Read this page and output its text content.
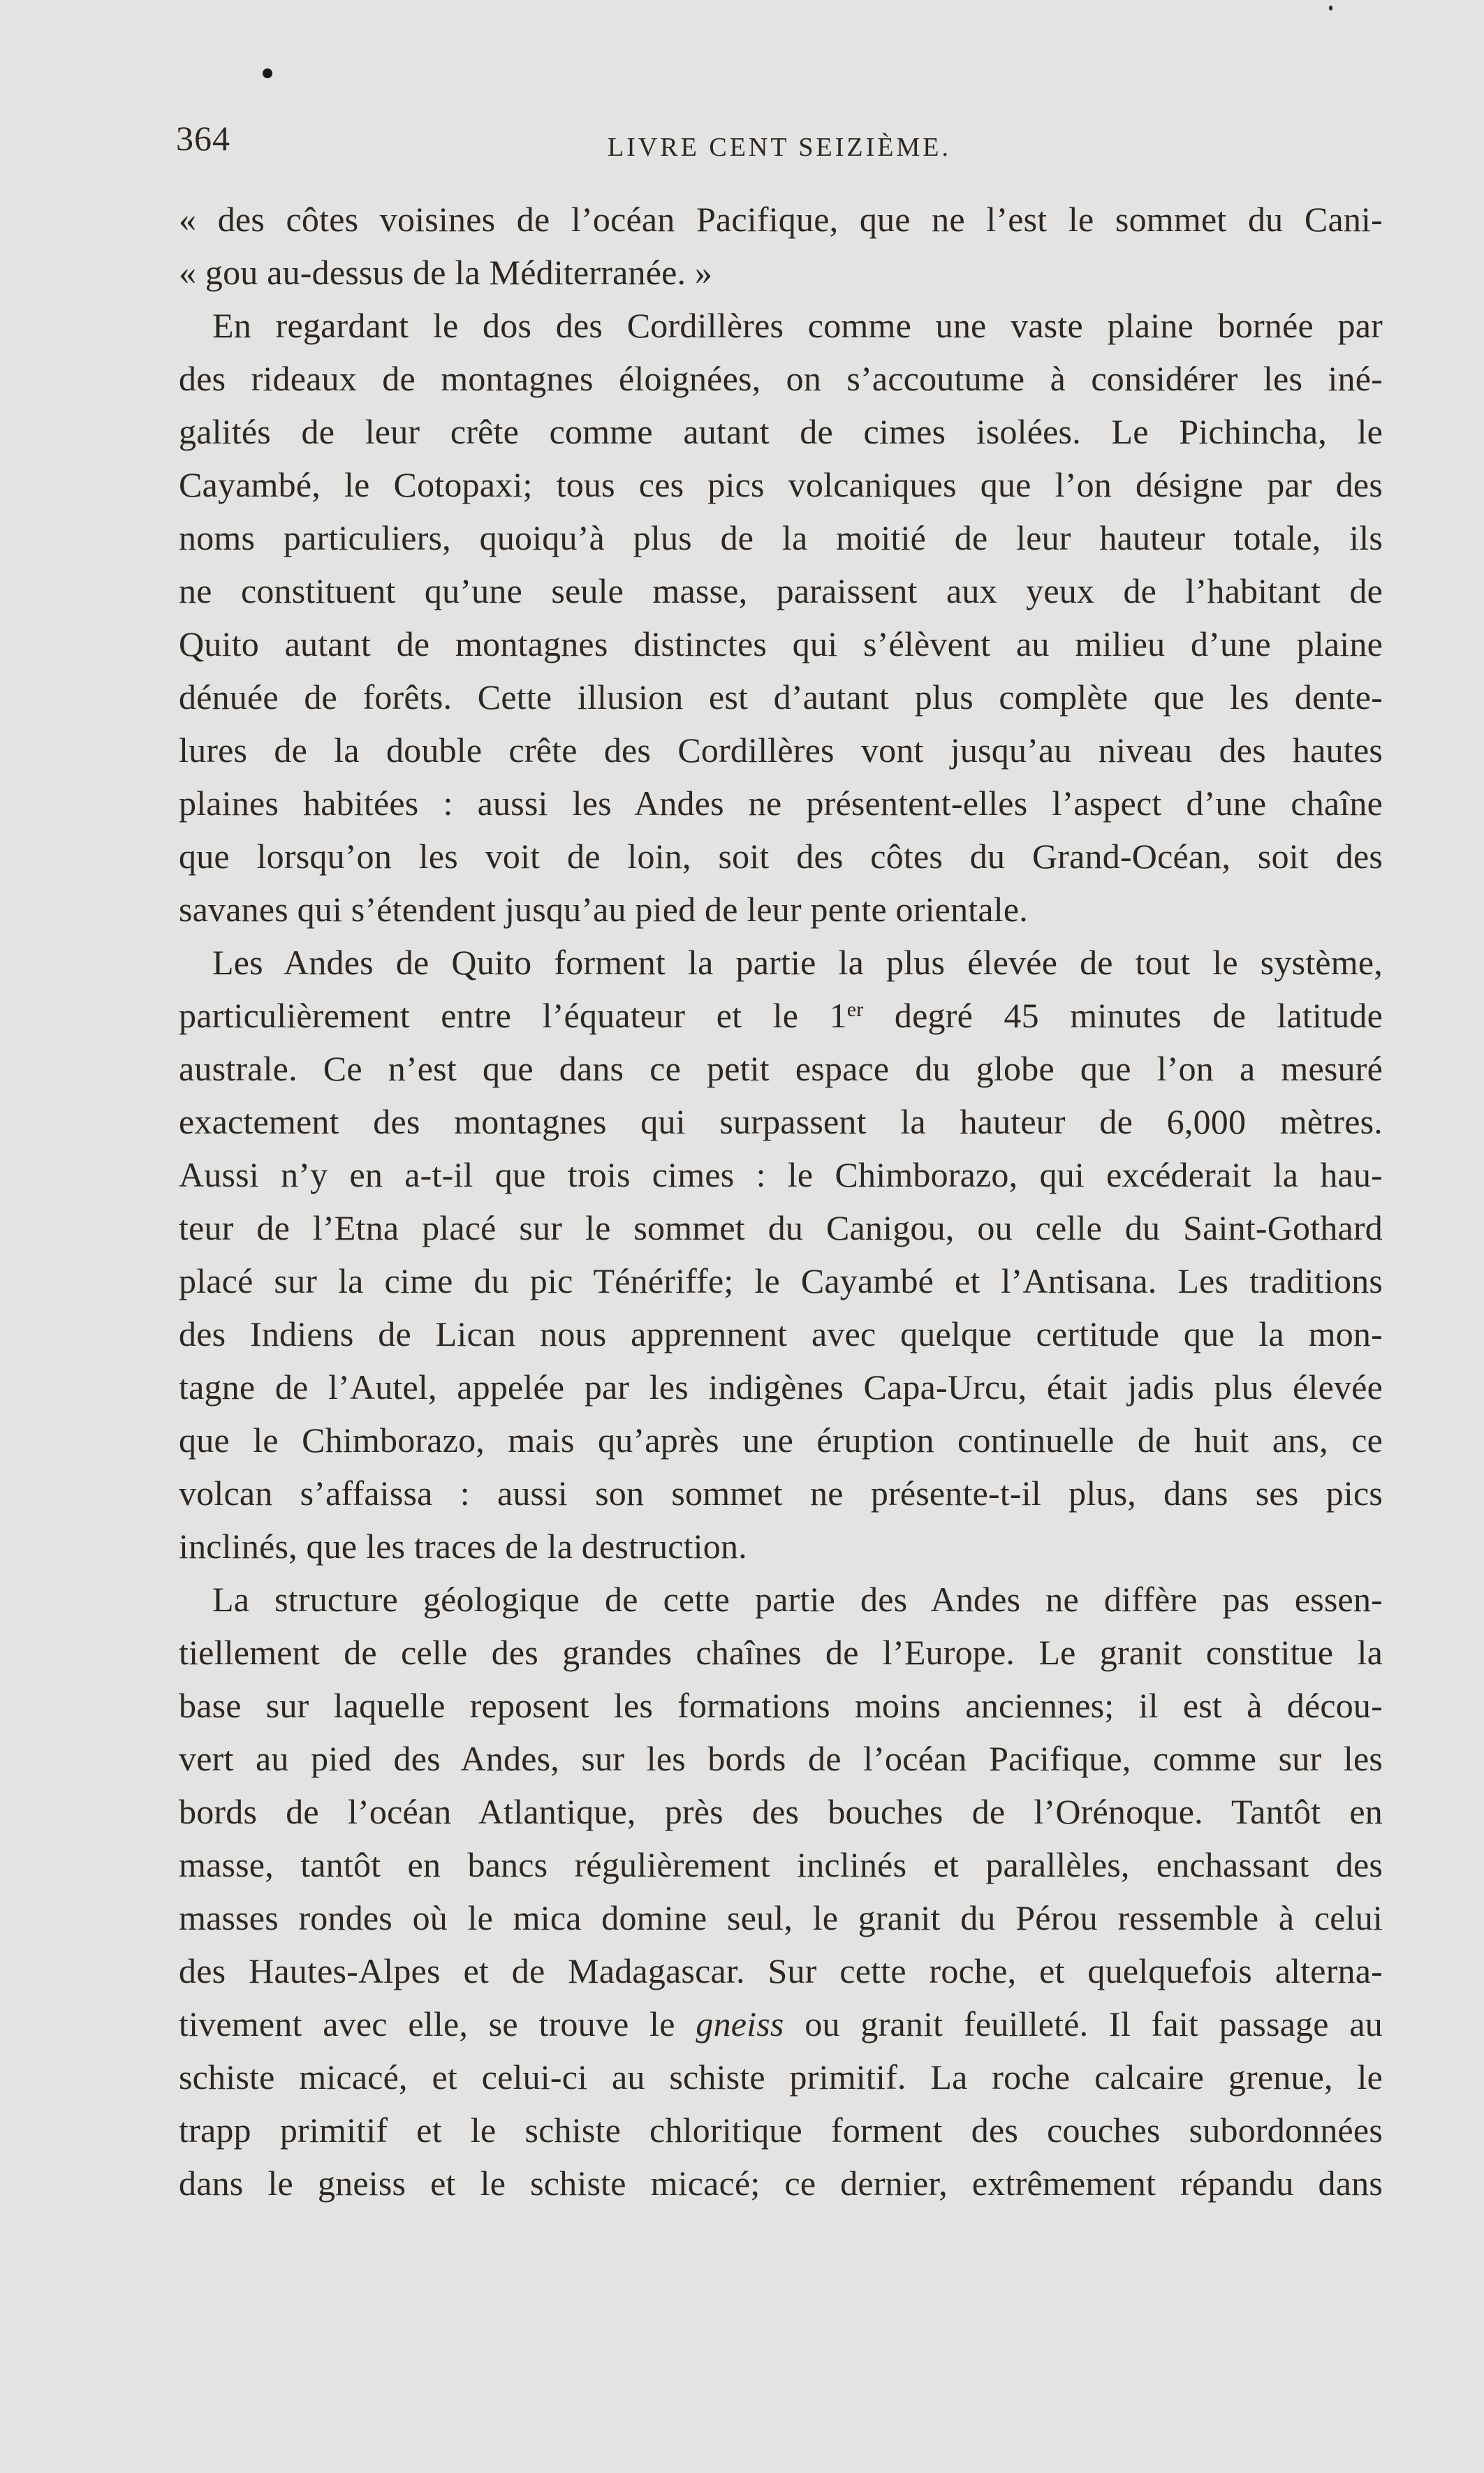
364	LIVRE CENT SEIZIÈME.
« des côtes voisines de l’océan Pacifique, que ne l’est le sommet du Cani-
« gou au-dessus de la Méditerranée. »
En regardant le dos des Cordillères comme une vaste plaine bornée par
des rideaux de montagnes éloignées, on s’accoutume à considérer les iné-
galités de leur crête comme autant de cimes isolées. Le Pichincha, le
Cayambé, le Cotopaxi; tous ces pics volcaniques que l’on désigne par des
noms particuliers, quoiqu’à plus de la moitié de leur hauteur totale, ils
ne constituent qu’une seule masse, paraissent aux yeux de l’habitant de
Quito autant de montagnes distinctes qui s’élèvent au milieu d’une plaine
dénuée de forêts. Cette illusion est d’autant plus complète que les dente-
lures de la double crête des Cordillères vont jusqu’au niveau des hautes
plaines habitées : aussi les Andes ne présentent-elles l’aspect d’une chaîne
que lorsqu’on les voit de loin, soit des côtes du Grand-Océan, soit des
savanes qui s’étendent jusqu’au pied de leur pente orientale.
Les Andes de Quito forment la partie la plus élevée de tout le système,
particulièrement entre l’équateur et le 1er degré 45 minutes de latitude
australe. Ce n’est que dans ce petit espace du globe que l’on a mesuré
exactement des montagnes qui surpassent la hauteur de 6,000 mètres.
Aussi n’y en a-t-il que trois cimes : le Chimborazo, qui excéderait la hau-
teur de l’Etna placé sur le sommet du Canigou, ou celle du Saint-Gothard
placé sur la cime du pic Ténériffe; le Cayambé et l’Antisana. Les traditions
des Indiens de Lican nous apprennent avec quelque certitude que la mon-
tagne de l’Autel, appelée par les indigènes Capa-Urcu, était jadis plus élevée
que le Chimborazo, mais qu’après une éruption continuelle de huit ans, ce
volcan s’affaissa : aussi son sommet ne présente-t-il plus, dans ses pics
inclinés, que les traces de la destruction.
La structure géologique de cette partie des Andes ne diffère pas essen-
tiellement de celle des grandes chaînes de l’Europe. Le granit constitue la
base sur laquelle reposent les formations moins anciennes; il est à décou-
vert au pied des Andes, sur les bords de l’océan Pacifique, comme sur les
bords de l’océan Atlantique, près des bouches de l’Orénoque. Tantôt en
masse, tantôt en bancs régulièrement inclinés et parallèles, enchassant des
masses rondes où le mica domine seul, le granit du Pérou ressemble à celui
des Hautes-Alpes et de Madagascar. Sur cette roche, et quelquefois alterna-
tivement avec elle, se trouve le gneiss ou granit feuilleté. Il fait passage au
schiste micacé, et celui-ci au schiste primitif. La roche calcaire grenue, le
trapp primitif et le schiste chloritique forment des couches subordonnées
dans le gneiss et le schiste micacé; ce dernier, extrêmement répandu dans
